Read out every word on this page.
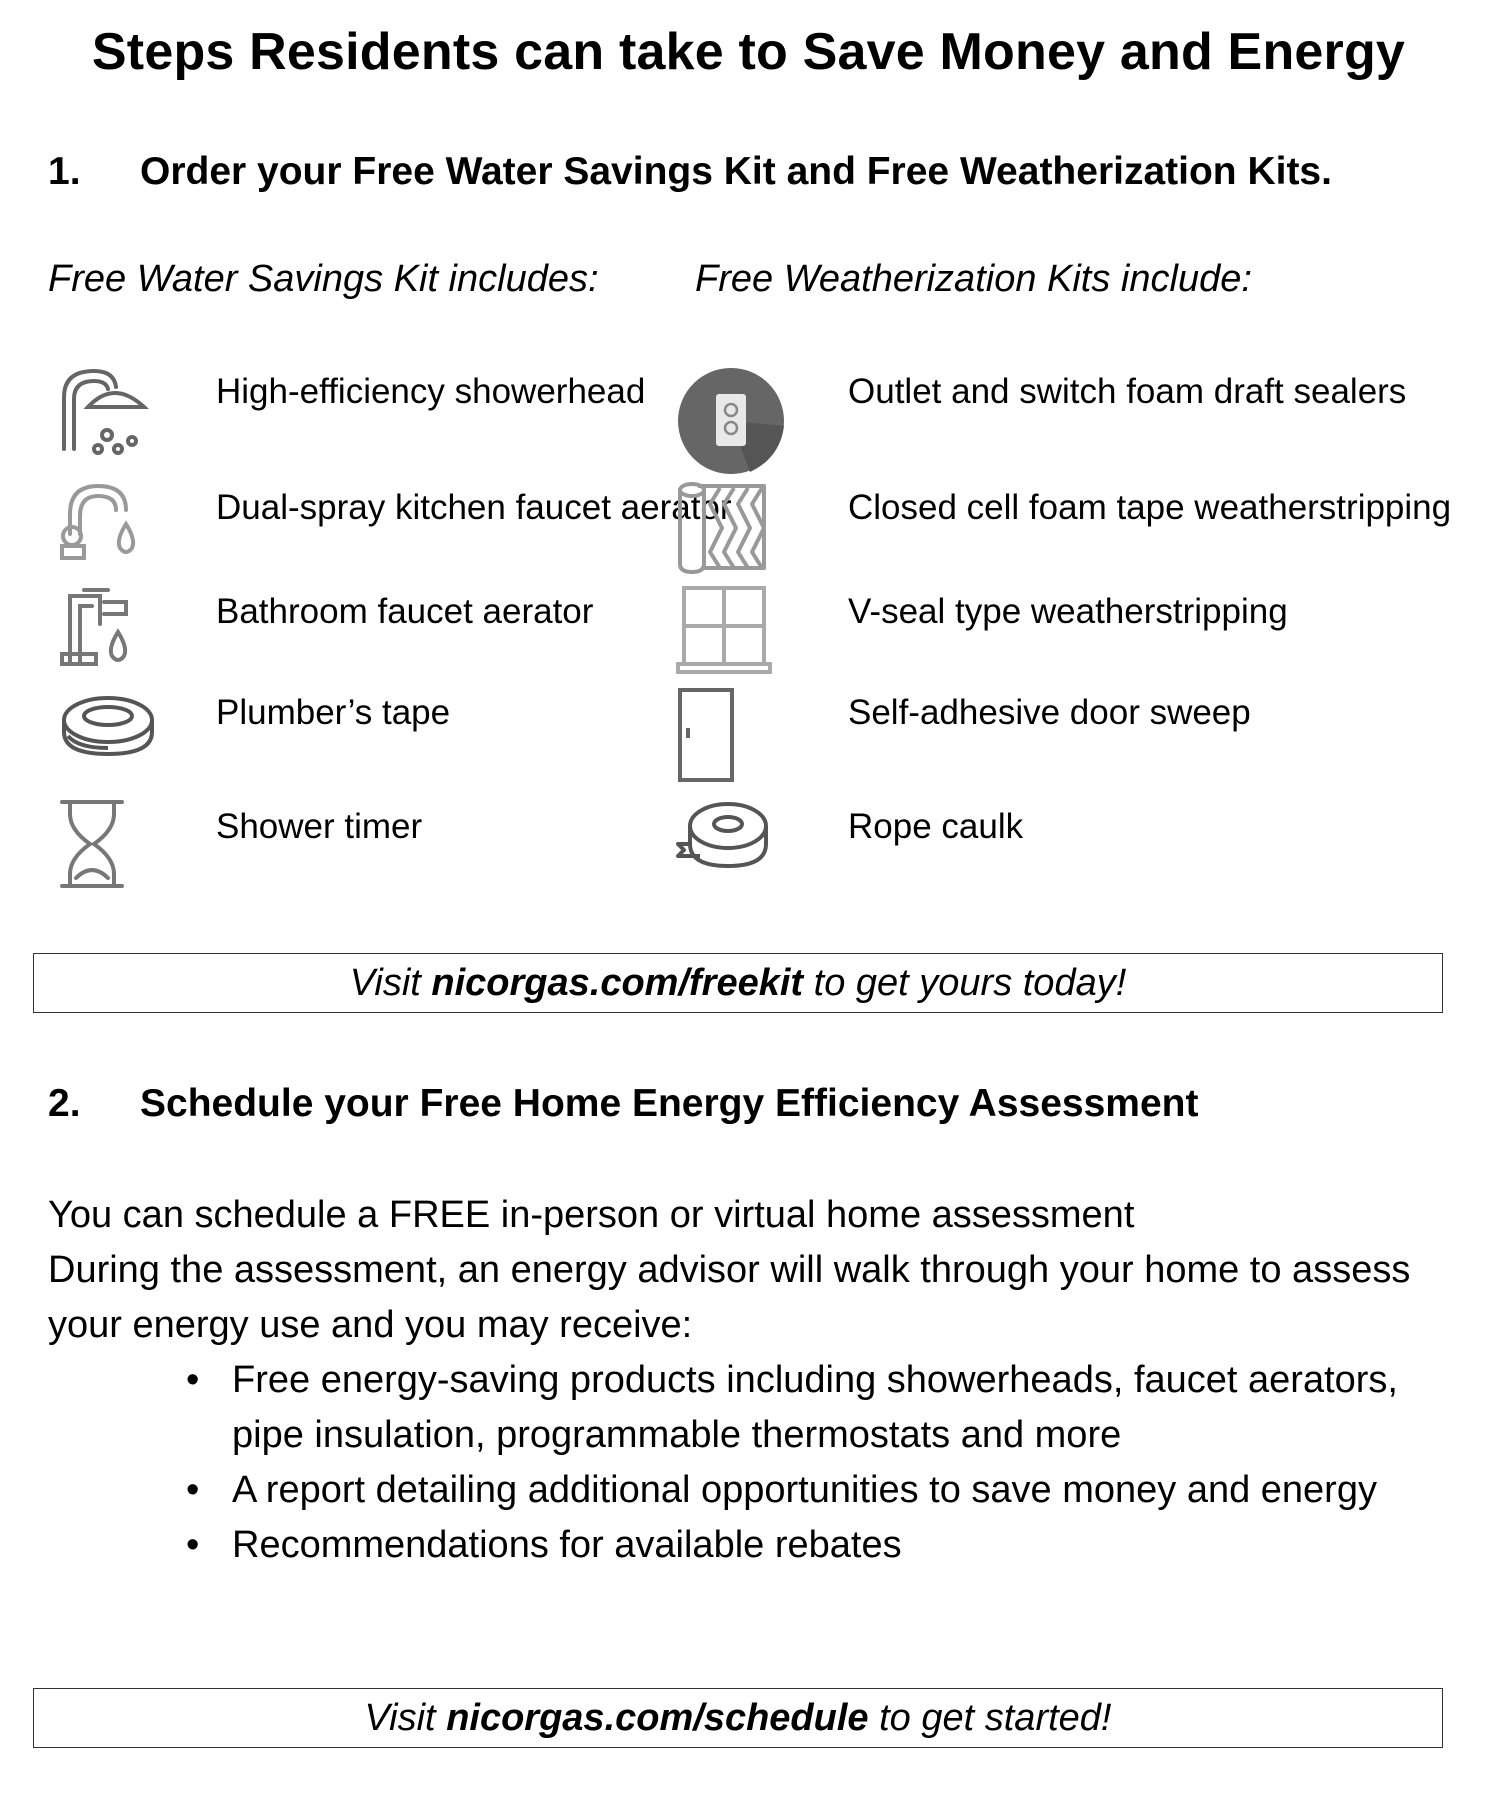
Steps Residents can take to Save Money and Energy
1. Order your Free Water Savings Kit and Free Weatherization Kits.
Free Water Savings Kit includes:	Free Weatherization Kits include:
High-efficiency showerhead
Dual-spray kitchen faucet aerator
Bathroom faucet aerator
Plumber’s tape
Shower timer
Outlet and switch foam draft sealers
Closed cell foam tape weatherstripping
V-seal type weatherstripping
Self-adhesive door sweep
Rope caulk
Visit nicorgas.com/freekit to get yours today!
2. Schedule your Free Home Energy Efficiency Assessment
You can schedule a FREE in-person or virtual home assessment
During the assessment, an energy advisor will walk through your home to assess your energy use and you may receive:
• Free energy-saving products including showerheads, faucet aerators, pipe insulation, programmable thermostats and more
• A report detailing additional opportunities to save money and energy
• Recommendations for available rebates
Visit nicorgas.com/schedule to get started!
